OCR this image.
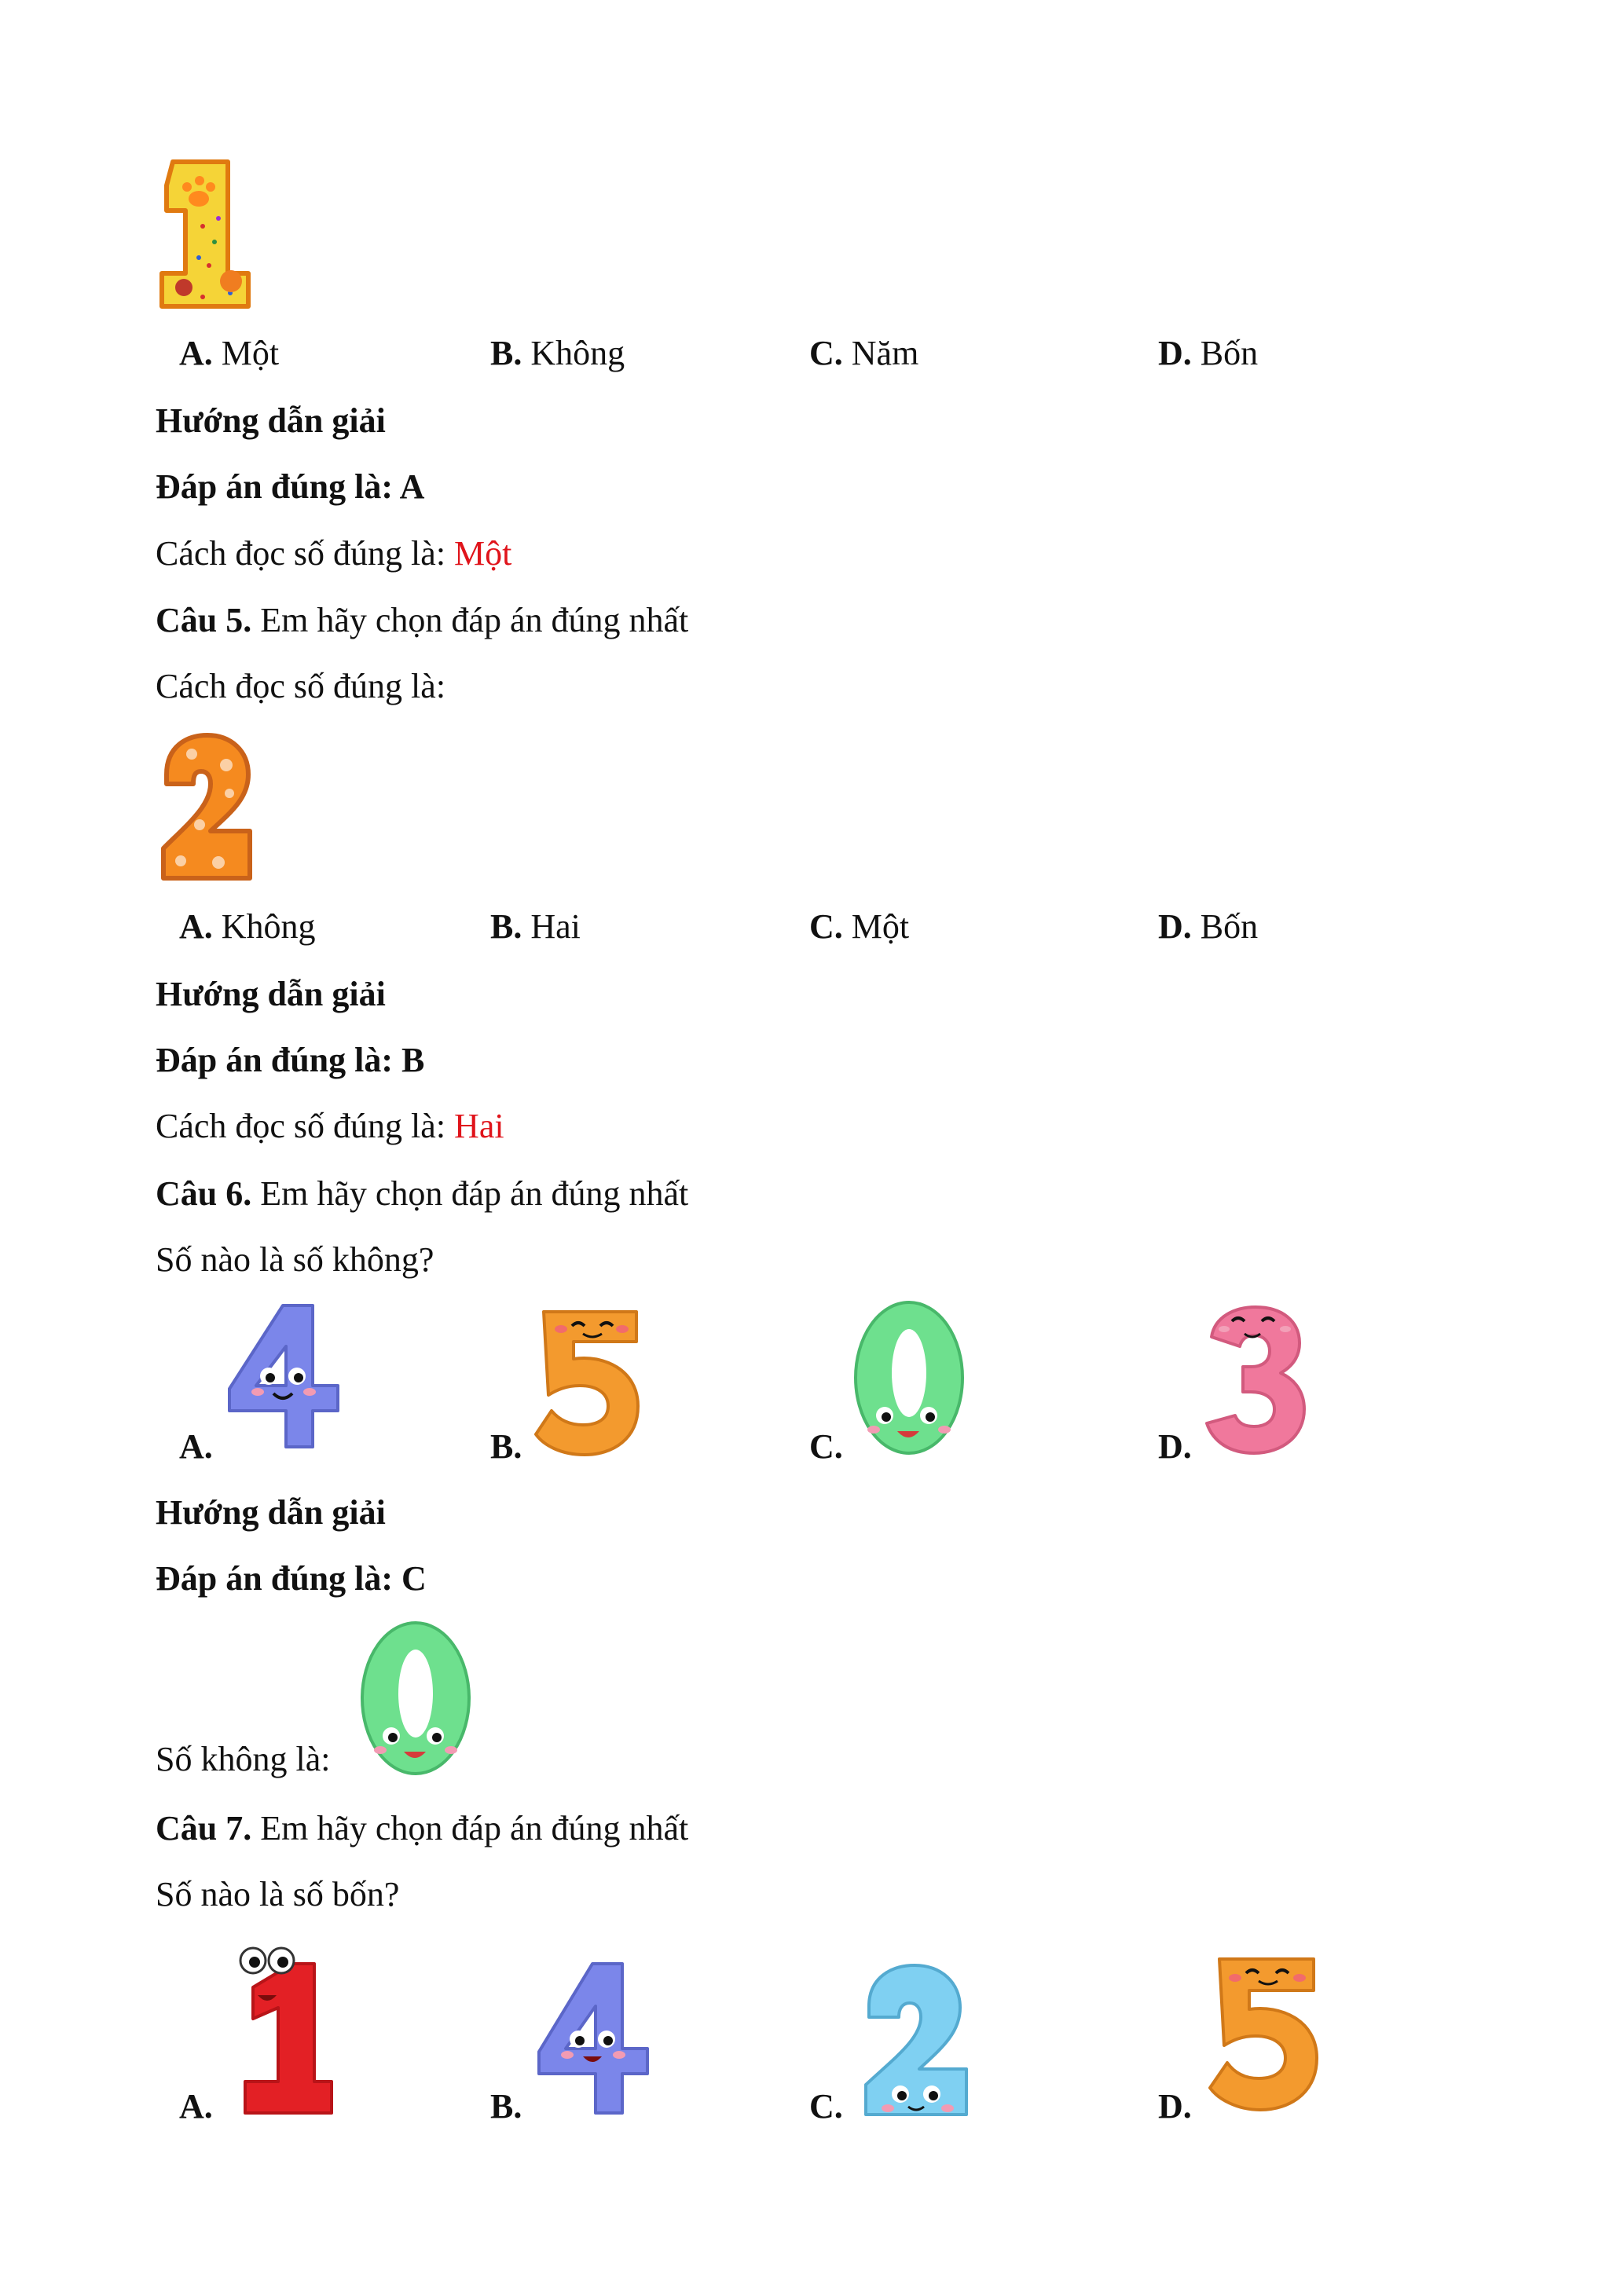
A. Một	B. Không	C. Năm	D. Bốn
Hướng dẫn giải
Đáp án đúng là: A
Cách đọc số đúng là: Một
Câu 5. Em hãy chọn đáp án đúng nhất
Cách đọc số đúng là:
A. Không	B. Hai	C. Một	D. Bốn
Hướng dẫn giải
Đáp án đúng là: B
Cách đọc số đúng là: Hai
Câu 6. Em hãy chọn đáp án đúng nhất
Số nào là số không?
A.	B.	C.	D.
Hướng dẫn giải
Đáp án đúng là: C
Số không là:
Câu 7. Em hãy chọn đáp án đúng nhất
Số nào là số bốn?
A.	B.	C.	D.
